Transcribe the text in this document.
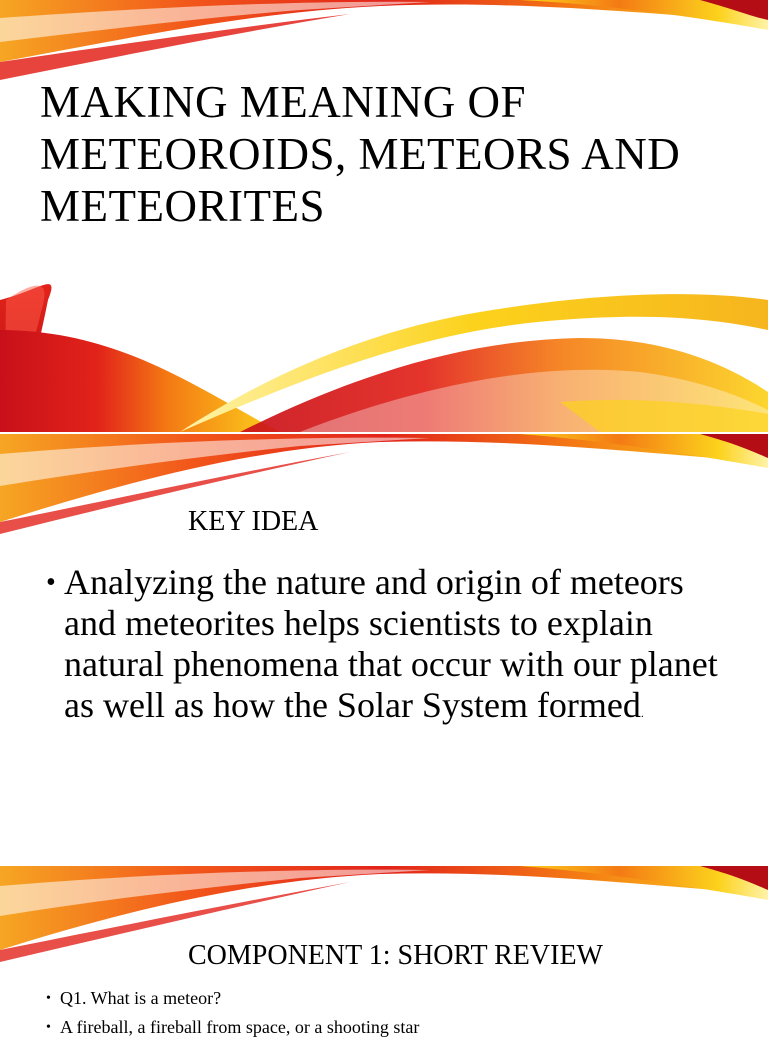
MAKING MEANING OF METEOROIDS, METEORS AND METEORITES
KEY IDEA
• Analyzing the nature and origin of meteors and meteorites helps scientists to explain natural phenomena that occur with our planet as well as how the Solar System formed.
COMPONENT 1: SHORT REVIEW
• Q1. What is a meteor?
• A fireball, a fireball from space, or a shooting star
